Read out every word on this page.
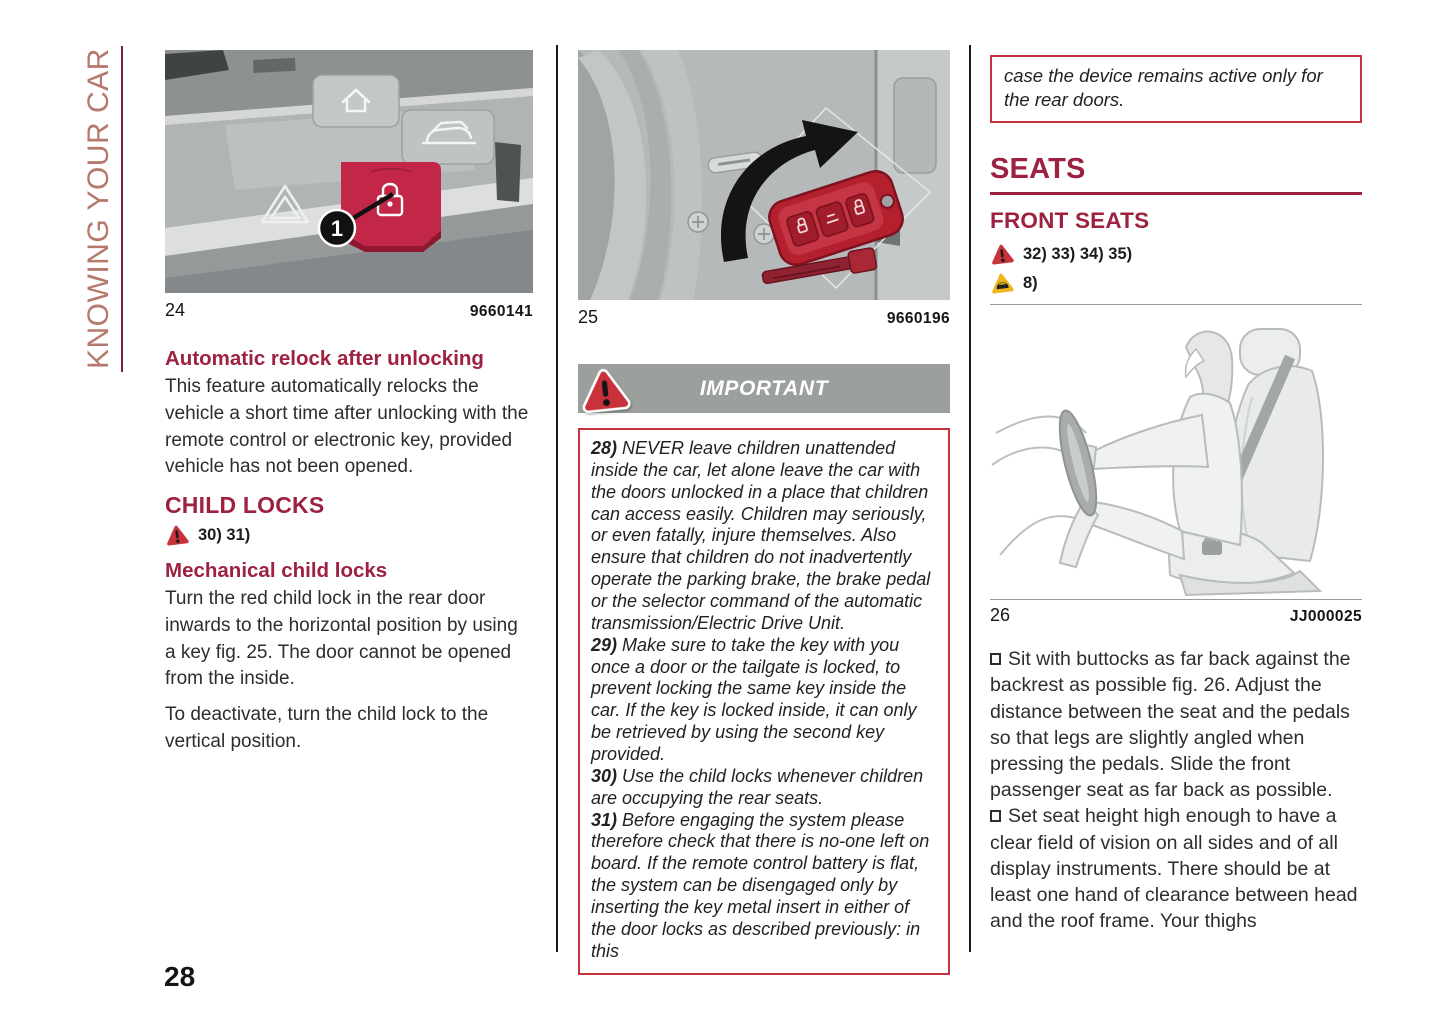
KNOWING YOUR CAR	1
24	9660141
Automatic relock after unlocking

This feature automatically relocks the vehicle a short time after unlocking with the remote control or electronic key, provided vehicle has not been opened.

CHILD LOCKS
30) 31)
Mechanical child locks

Turn the red child lock in the rear door inwards to the horizontal position by using a key fig. 25. The door cannot be opened from the inside.

To deactivate, turn the child lock to the vertical position.

25	9660196
IMPORTANT

28) NEVER leave children unattended inside the car, let alone leave the car with the doors unlocked in a place that children can access easily. Children may seriously, or even fatally, injure themselves. Also ensure that children do not inadvertently operate the parking brake, the brake pedal or the selector command of the automatic transmission/Electric Drive Unit.

29) Make sure to take the key with you once a door or the tailgate is locked, to prevent locking the same key inside the car. If the key is locked inside, it can only be retrieved by using the second key provided.

30) Use the child locks whenever children are occupying the rear seats.

31) Before engaging the system please therefore check that there is no-one left on board. If the remote control battery is flat, the system can be disengaged only by inserting the key metal insert in either of the door locks as described previously: in this

case the device remains active only for the rear doors.

SEATS
FRONT SEATS
32) 33) 34) 35)
8)
26	JJ000025

Sit with buttocks as far back against the backrest as possible fig. 26. Adjust the distance between the seat and the pedals so that legs are slightly angled when pressing the pedals. Slide the front passenger seat as far back as possible.

Set seat height high enough to have a clear field of vision on all sides and of all display instruments. There should be at least one hand of clearance between head and the roof frame. Your thighs

28
